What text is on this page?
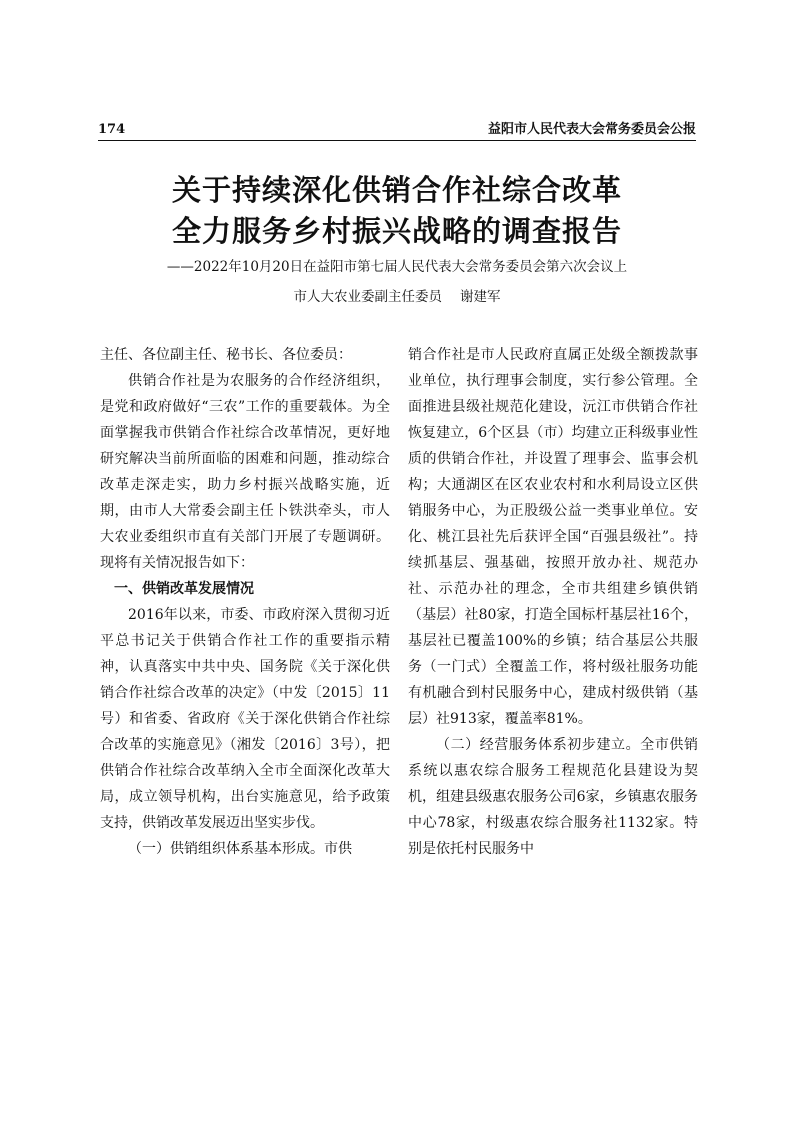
174	益阳市人民代表大会常务委员会公报
关于持续深化供销合作社综合改革
全力服务乡村振兴战略的调查报告
——2022年10月20日在益阳市第七届人民代表大会常务委员会第六次会议上
市人大农业委副主任委员 谢建军

主任、各位副主任、秘书长、各位委员：

供销合作社是为农服务的合作经济组织，是党和政府做好“三农”工作的重要载体。为全面掌握我市供销合作社综合改革情况，更好地研究解决当前所面临的困难和问题，推动综合改革走深走实，助力乡村振兴战略实施，近期，由市人大常委会副主任卜铁洪牵头，市人大农业委组织市直有关部门开展了专题调研。现将有关情况报告如下：

一、供销改革发展情况

2016年以来，市委、市政府深入贯彻习近平总书记关于供销合作社工作的重要指示精神，认真落实中共中央、国务院《关于深化供销合作社综合改革的决定》（中发〔2015〕11号）和省委、省政府《关于深化供销合作社综合改革的实施意见》（湘发〔2016〕3号），把供销合作社综合改革纳入全市全面深化改革大局，成立领导机构，出台实施意见，给予政策支持，供销改革发展迈出坚实步伐。

（一）供销组织体系基本形成。市供

销合作社是市人民政府直属正处级全额拨款事业单位，执行理事会制度，实行参公管理。全面推进县级社规范化建设，沅江市供销合作社恢复建立，6个区县（市）均建立正科级事业性质的供销合作社，并设置了理事会、监事会机构；大通湖区在区农业农村和水利局设立区供销服务中心，为正股级公益一类事业单位。安化、桃江县社先后获评全国“百强县级社”。持续抓基层、强基础，按照开放办社、规范办社、示范办社的理念，全市共组建乡镇供销（基层）社80家，打造全国标杆基层社16个，基层社已覆盖100%的乡镇；结合基层公共服务（一门式）全覆盖工作，将村级社服务功能有机融合到村民服务中心，建成村级供销（基层）社913家，覆盖率81%。

（二）经营服务体系初步建立。全市供销系统以惠农综合服务工程规范化县建设为契机，组建县级惠农服务公司6家，乡镇惠农服务中心78家，村级惠农综合服务社1132家。特别是依托村民服务中
